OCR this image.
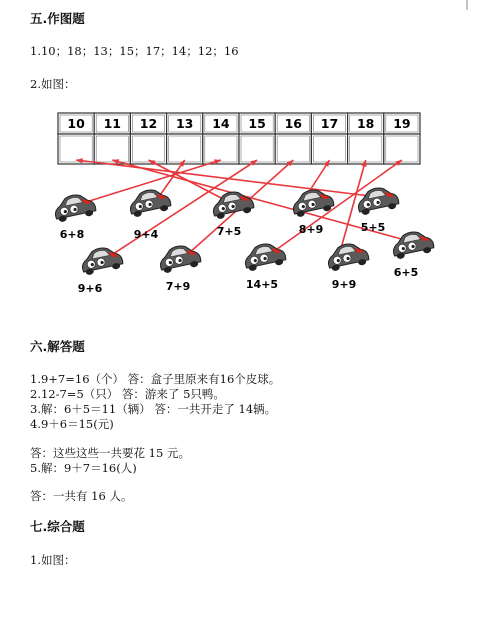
五.作图题
1.10；18；13；15；17；14；12；16
2.如图：
10 11 12 13 14 15 16 17 18 19
6+8	9+4	7+5	8+9	5+5
9+6	7+9	14+5	9+9
6+5
六.解答题
1.9+7=16（个） 答：盒子里原来有16个皮球。
2.12-7=5（只） 答：游来了 5只鸭。
3.解：6＋5＝11（辆） 答：一共开走了 14辆。
4.9＋6＝15(元)
答：这些这些一共要花 15 元。
5.解：9＋7＝16(人)
答：一共有 16 人。
七.综合题
1.如图：
